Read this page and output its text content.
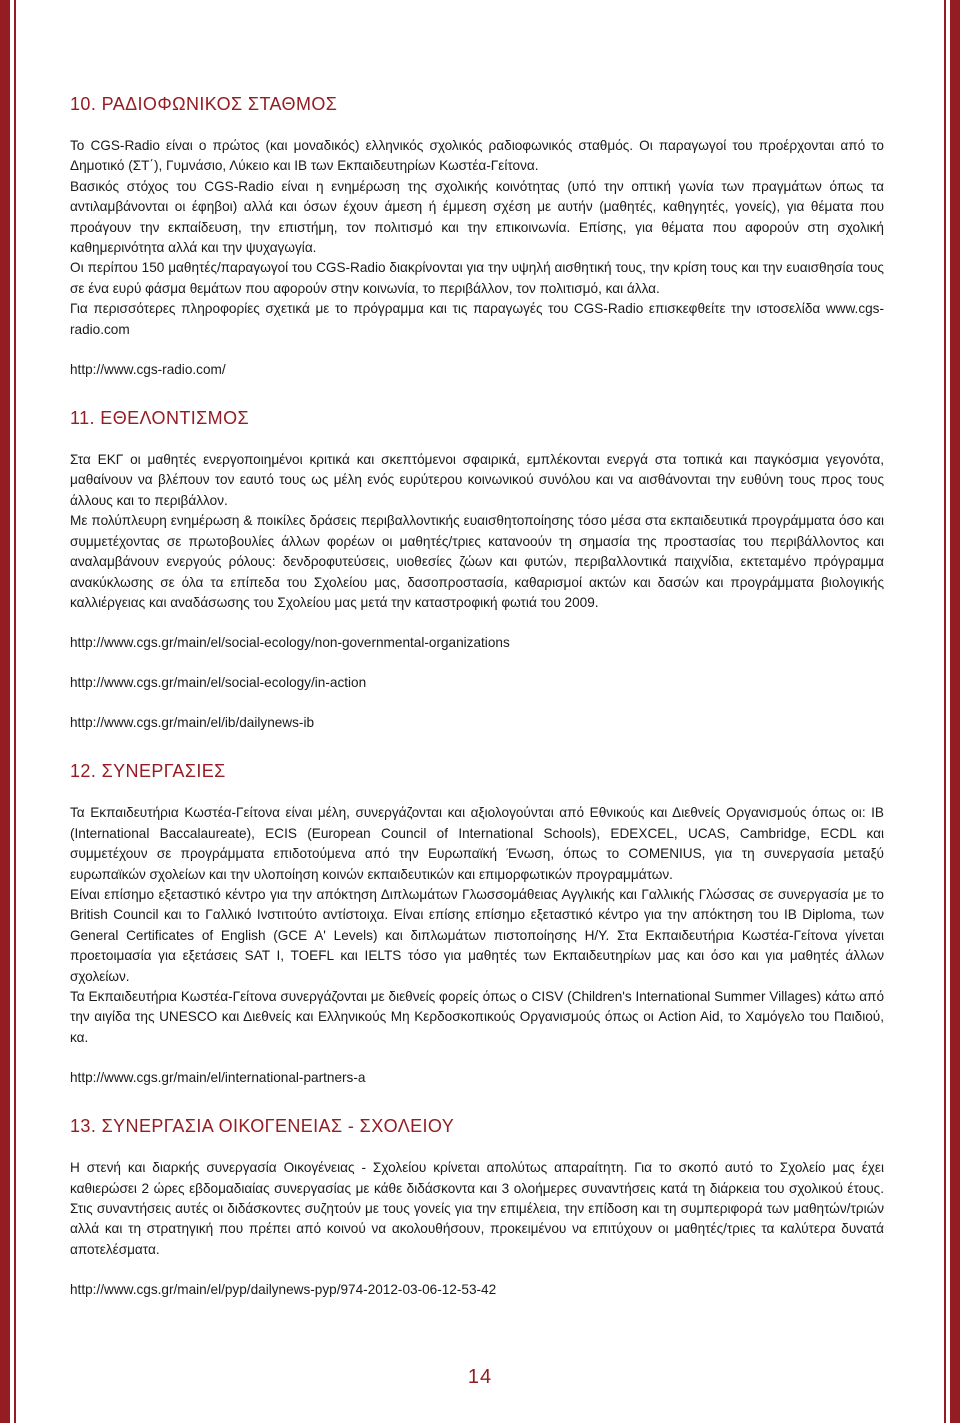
10. ΡΑΔΙΟΦΩΝΙΚΟΣ ΣΤΑΘΜΟΣ

Το CGS-Radio είναι ο πρώτος (και μοναδικός) ελληνικός σχολικός ραδιοφωνικός σταθμός. Οι παραγωγοί του προέρχονται από το Δημοτικό (ΣΤ΄), Γυμνάσιο, Λύκειο και IB των Εκπαιδευτηρίων Κωστέα-Γείτονα.

Βασικός στόχος του CGS-Radio είναι η ενημέρωση της σχολικής κοινότητας (υπό την οπτική γωνία των πραγμάτων όπως τα αντιλαμβάνονται οι έφηβοι) αλλά και όσων έχουν άμεση ή έμμεση σχέση με αυτήν (μαθητές, καθηγητές, γονείς), για θέματα που προάγουν την εκπαίδευση, την επιστήμη, τον πολιτισμό και την επικοινωνία. Επίσης, για θέματα που αφορούν στη σχολική καθημερινότητα αλλά και την ψυχαγωγία.

Οι περίπου 150 μαθητές/παραγωγοί του CGS-Radio διακρίνονται για την υψηλή αισθητική τους, την κρίση τους και την ευαισθησία τους σε ένα ευρύ φάσμα θεμάτων που αφορούν στην κοινωνία, το περιβάλλον, τον πολιτισμό, και άλλα.

Για περισσότερες πληροφορίες σχετικά με το πρόγραμμα και τις παραγωγές του CGS-Radio επισκεφθείτε την ιστοσελίδα www.cgs-radio.com

http://www.cgs-radio.com/
11. ΕΘΕΛΟΝΤΙΣΜΟΣ

Στα ΕΚΓ οι μαθητές ενεργοποιημένοι κριτικά και σκεπτόμενοι σφαιρικά, εμπλέκονται ενεργά στα τοπικά και παγκόσμια γεγονότα, μαθαίνουν να βλέπουν τον εαυτό τους ως μέλη ενός ευρύτερου κοινωνικού συνόλου και να αισθάνονται την ευθύνη τους προς τους άλλους και το περιβάλλον.

Με πολύπλευρη ενημέρωση & ποικίλες δράσεις περιβαλλοντικής ευαισθητοποίησης τόσο μέσα στα εκπαιδευτικά προγράμματα όσο και συμμετέχοντας σε πρωτοβουλίες άλλων φορέων οι μαθητές/τριες κατανοούν τη σημασία της προστασίας του περιβάλλοντος και αναλαμβάνουν ενεργούς ρόλους: δενδροφυτεύσεις, υιοθεσίες ζώων και φυτών, περιβαλλοντικά παιχνίδια, εκτεταμένο πρόγραμμα ανακύκλωσης σε όλα τα επίπεδα του Σχολείου μας, δασοπροστασία, καθαρισμοί ακτών και δασών και προγράμματα βιολογικής καλλιέργειας και αναδάσωσης του Σχολείου μας μετά την καταστροφική φωτιά του 2009.

http://www.cgs.gr/main/el/social-ecology/non-governmental-organizations
http://www.cgs.gr/main/el/social-ecology/in-action
http://www.cgs.gr/main/el/ib/dailynews-ib
12. ΣΥΝΕΡΓΑΣΙΕΣ

Τα Εκπαιδευτήρια Κωστέα-Γείτονα είναι μέλη, συνεργάζονται και αξιολογούνται από Εθνικούς και Διεθνείς Οργανισμούς όπως οι: IB (International Baccalaureate), ECIS (European Council of International Schools), EDEXCEL, UCAS, Cambridge, ECDL και συμμετέχουν σε προγράμματα επιδοτούμενα από την Ευρωπαϊκή Ένωση, όπως το COMENIUS, για τη συνεργασία μεταξύ ευρωπαϊκών σχολείων και την υλοποίηση κοινών εκπαιδευτικών και επιμορφωτικών προγραμμάτων.

Είναι επίσημο εξεταστικό κέντρο για την απόκτηση Διπλωμάτων Γλωσσομάθειας Αγγλικής και Γαλλικής Γλώσσας σε συνεργασία με το British Council και το Γαλλικό Ινστιτούτο αντίστοιχα. Είναι επίσης επίσημο εξεταστικό κέντρο για την απόκτηση του IB Diploma, των General Certificates of English (GCE A' Levels) και διπλωμάτων πιστοποίησης Η/Υ. Στα Εκπαιδευτήρια Κωστέα-Γείτονα γίνεται προετοιμασία για εξετάσεις SAT I, TOEFL και IELTS τόσο για μαθητές των Εκπαιδευτηρίων μας και όσο και για μαθητές άλλων σχολείων.

Τα Εκπαιδευτήρια Κωστέα-Γείτονα συνεργάζονται με διεθνείς φορείς όπως ο CISV (Children's International Summer Villages) κάτω από την αιγίδα της UNESCO και Διεθνείς και Ελληνικούς Μη Κερδοσκοπικούς Οργανισμούς όπως οι Action Aid, το Χαμόγελο του Παιδιού, κα.

http://www.cgs.gr/main/el/international-partners-a
13. ΣΥΝΕΡΓΑΣΙΑ ΟΙΚΟΓΕΝΕΙΑΣ - ΣΧΟΛΕΙΟΥ

Η στενή και διαρκής συνεργασία Οικογένειας - Σχολείου κρίνεται απολύτως απαραίτητη. Για το σκοπό αυτό το Σχολείο μας έχει καθιερώσει 2 ώρες εβδομαδιαίας συνεργασίας με κάθε διδάσκοντα και 3 ολοήμερες συναντήσεις κατά τη διάρκεια του σχολικού έτους. Στις συναντήσεις αυτές οι διδάσκοντες συζητούν με τους γονείς για την επιμέλεια, την επίδοση και τη συμπεριφορά των μαθητών/τριών αλλά και τη στρατηγική που πρέπει από κοινού να ακολουθήσουν, προκειμένου να επιτύχουν οι μαθητές/τριες τα καλύτερα δυνατά αποτελέσματα.

http://www.cgs.gr/main/el/pyp/dailynews-pyp/974-2012-03-06-12-53-42
14
